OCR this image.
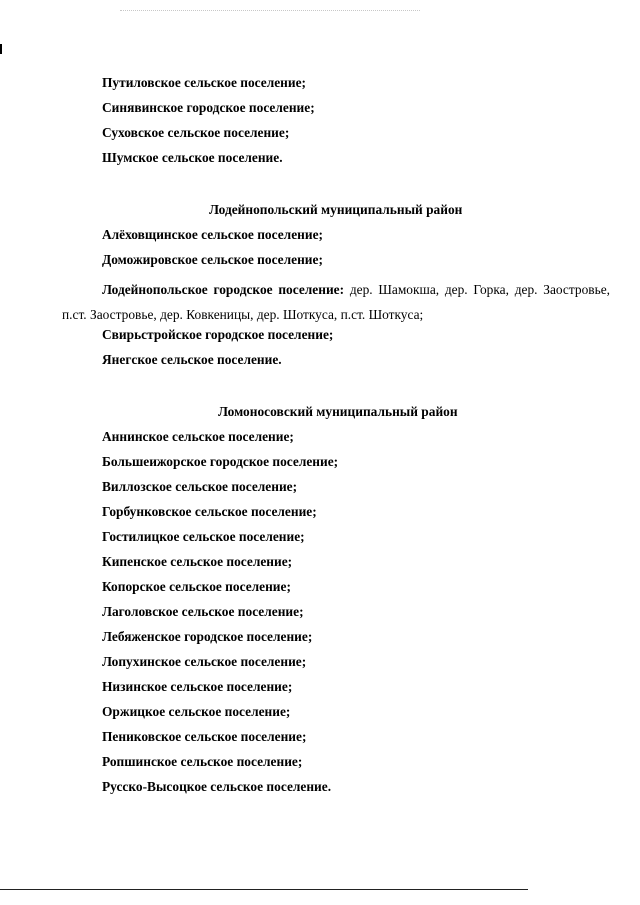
Путиловское сельское поселение;
Синявинское городское поселение;
Суховское сельское поселение;
Шумское сельское поселение.
Лодейнопольский муниципальный район
Алёховщинское сельское поселение;
Доможировское сельское поселение;
Лодейнопольское городское поселение: дер. Шамокша, дер. Горка, дер. Заостровье, п.ст. Заостровье, дер. Ковкеницы, дер. Шоткуса, п.ст. Шоткуса;
Свирьстройское городское поселение;
Янегское сельское поселение.
Ломоносовский муниципальный район
Аннинское сельское поселение;
Большеижорское городское поселение;
Виллозское сельское поселение;
Горбунковское сельское поселение;
Гостилицкое сельское поселение;
Кипенское сельское поселение;
Копорское сельское поселение;
Лаголовское сельское поселение;
Лебяженское городское поселение;
Лопухинское сельское поселение;
Низинское сельское поселение;
Оржицкое сельское поселение;
Пениковское сельское поселение;
Ропшинское сельское поселение;
Русско-Высоцкое сельское поселение.
